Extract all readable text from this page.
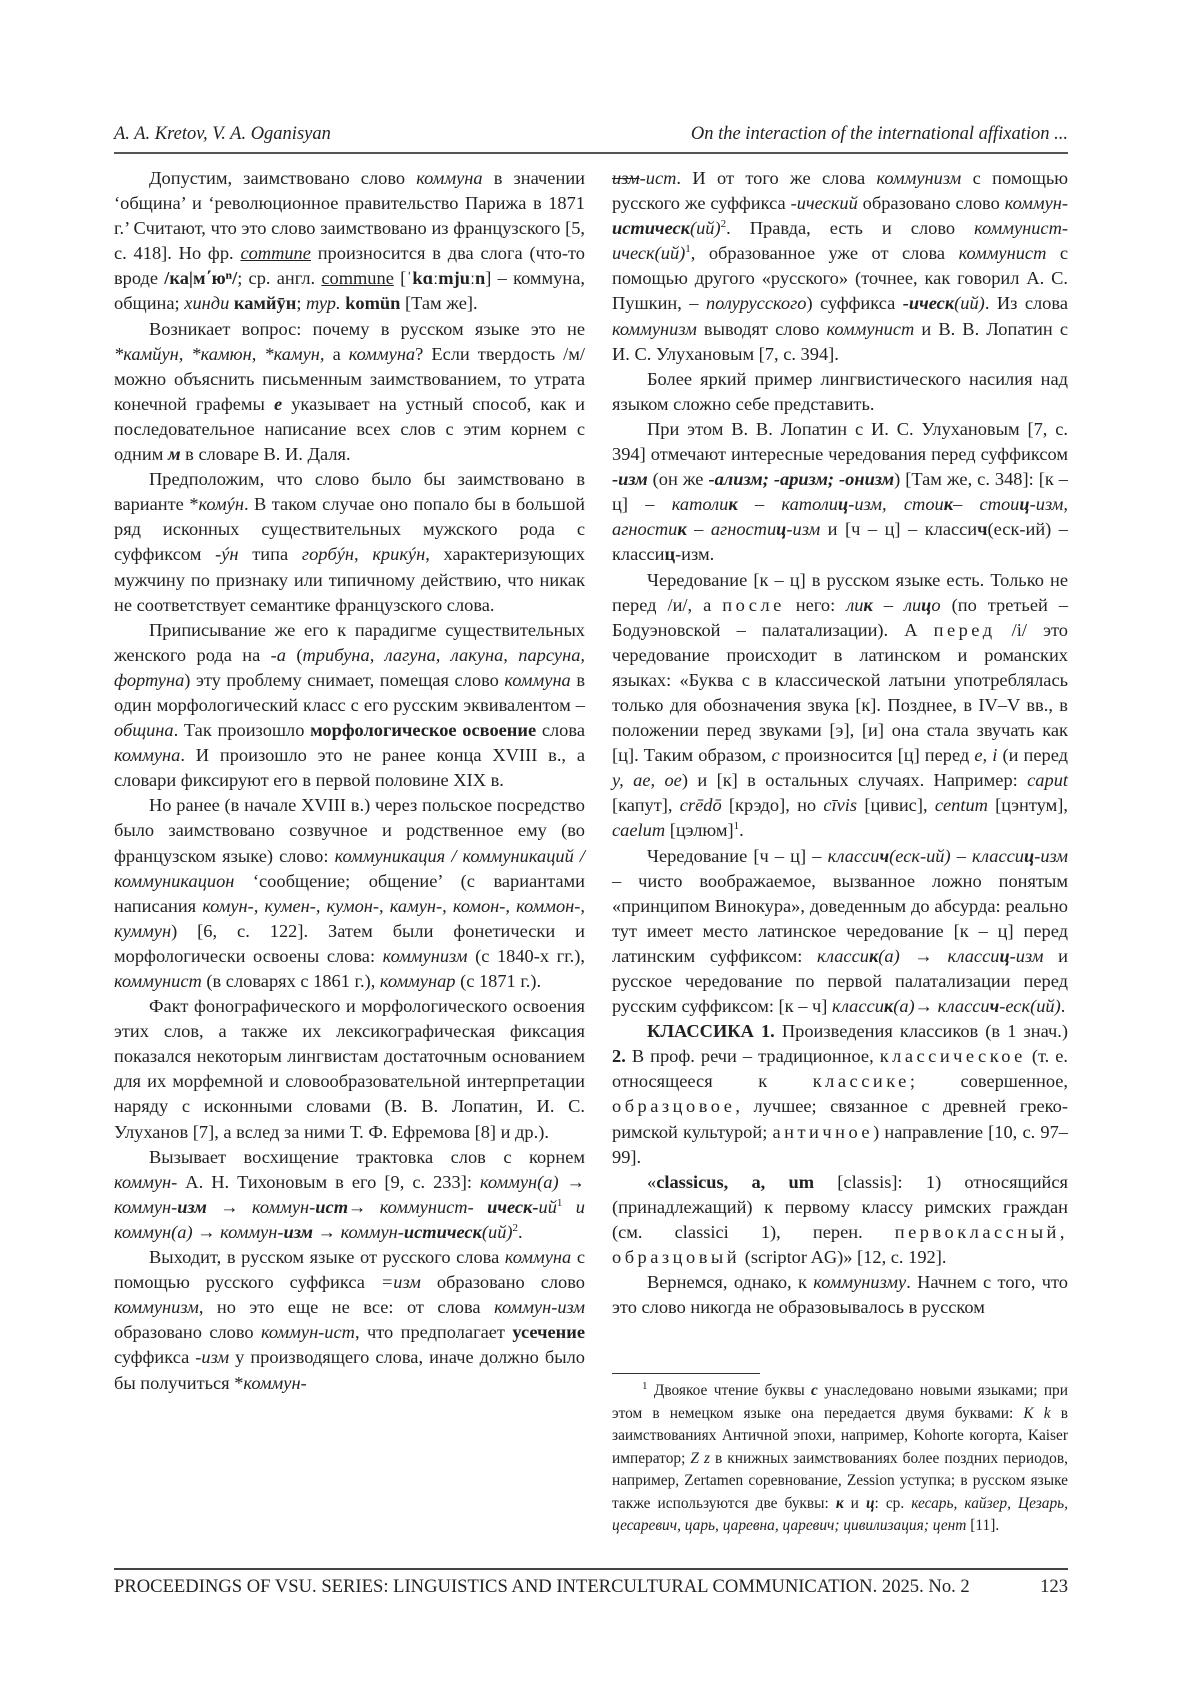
A. A. Kretov, V. A. Oganisyan	On the interaction of the international affixation ...

Допустим, заимствовано слово коммуна в значении ‘община’ и ‘революционное правительство Парижа в 1871 г.’ Считают, что это слово заимствовано из французского [5, с. 418]. Но фр. commune произносится в два слога (что-то вроде /ка|м΄юⁿ/; ср. англ. commune [ˈkɑːmjuːn] – коммуна, община; хинди камйӯн; тур. komün [Там же].

Возникает вопрос: почему в русском языке это не *камйун, *камюн, *камун, а коммуна? Если твердость /м/ можно объяснить письменным заимствованием, то утрата конечной графемы е указывает на устный способ, как и последовательное написание всех слов с этим корнем с одним м в словаре В. И. Даля.

Предположим, что слово было бы заимствовано в варианте *комýн. В таком случае оно попало бы в большой ряд исконных существительных мужского рода с суффиксом -ýн типа горбýн, крикýн, характеризующих мужчину по признаку или типичному действию, что никак не соответствует семантике французского слова.

Приписывание же его к парадигме существительных женского рода на -а (трибуна, лагуна, лакуна, парсуна, фортуна) эту проблему снимает, помещая слово коммуна в один морфологический класс с его русским эквивалентом – община. Так произошло морфологическое освоение слова коммуна. И произошло это не ранее конца XVIII в., а словари фиксируют его в первой половине XIX в.

Но ранее (в начале XVIII в.) через польское посредство было заимствовано созвучное и родственное ему (во французском языке) слово: коммуникация / коммуникаций / коммуникацион ‘сообщение; общение’ (с вариантами написания комун-, кумен-, кумон-, камун-, комон-, коммон-, куммун) [6, с. 122]. Затем были фонетически и морфологически освоены слова: коммунизм (с 1840-х гг.), коммунист (в словарях с 1861 г.), коммунар (с 1871 г.).

Факт фонографического и морфологического освоения этих слов, а также их лексикографическая фиксация показался некоторым лингвистам достаточным основанием для их морфемной и словообразовательной интерпретации наряду с исконными словами (В. В. Лопатин, И. С. Улуханов [7], а вслед за ними Т. Ф. Ефремова [8] и др.).

Вызывает восхищение трактовка слов с корнем коммун- А. Н. Тихоновым в его [9, с. 233]: коммун(а) → коммун-изм → коммун-ист→ коммунист- ическ-ий1 и коммун(а) → коммун-изм → коммун-истическ(ий)2.

Выходит, в русском языке от русского слова коммуна с помощью русского суффикса =изм образовано слово коммунизм, но это еще не все: от слова коммун-изм образовано слово коммун-ист, что предполагает усечение суффикса -изм у производящего слова, иначе должно было бы получиться *коммун-

изм-ист. И от того же слова коммунизм с помощью русского же суффикса -ический образовано слово коммун-истическ(ий)2. Правда, есть и слово коммунист-ическ(ий)1, образованное уже от слова коммунист с помощью другого «русского» (точнее, как говорил А. С. Пушкин, – полурусского) суффикса -ическ(ий). Из слова коммунизм выводят слово коммунист и В. В. Лопатин с И. С. Улухановым [7, с. 394].

Более яркий пример лингвистического насилия над языком сложно себе представить.

При этом В. В. Лопатин с И. С. Улухановым [7, с. 394] отмечают интересные чередования перед суффиксом -изм (он же -ализм; -аризм; -онизм) [Там же, с. 348]: [к – ц] – католик – католиц-изм, стоик– стоиц-изм, агностик – агностиц-изм и [ч – ц] – классич(еск-ий) – классиц-изм.

Чередование [к – ц] в русском языке есть. Только не перед /и/, а после него: лик – лицо (по третьей – Бодуэновской – палатализации). А перед /i/ это чередование происходит в латинском и романских языках: «Буква с в классической латыни употреблялась только для обозначения звука [к]. Позднее, в IV–V вв., в положении перед звуками [э], [и] она стала звучать как [ц]. Таким образом, c произносится [ц] перед e, i (и перед y, ae, oe) и [к] в остальных случаях. Например: caput [капут], crēdō [крэдо], но cīvis [цивис], centum [цэнтум], caelum [цэлюм]1.

Чередование [ч – ц] – классич(еск-ий) – классиц-изм – чисто воображаемое, вызванное ложно понятым «принципом Винокура», доведенным до абсурда: реально тут имеет место латинское чередование [к – ц] перед латинским суффиксом: классик(а) → классиц-изм и русское чередование по первой палатализации перед русским суффиксом: [к – ч] классик(а)→ классич-еск(ий).

КЛАССИКА 1. Произведения классиков (в 1 знач.) 2. В проф. речи – традиционное, классическое (т. е. относящееся к классике; совершенное, образцовое, лучшее; связанное с древней греко-римской культурой; античное) направление [10, с. 97–99].

«classicus, a, um [classis]: 1) относящийся (принадлежащий) к первому классу римских граждан (см. classici 1), перен. первоклассный, образцовый (scriptor AG)» [12, с. 192].

Вернемся, однако, к коммунизму. Начнем с того, что это слово никогда не образовывалось в русском

1 Двоякое чтение буквы c унаследовано новыми языками; при этом в немецком языке она передается двумя буквами: K k в заимствованиях Античной эпохи, например, Kohorte когорта, Kaiser император; Z z в книжных заимствованиях более поздних периодов, например, Zertamen соревнование, Zession уступка; в русском языке также используются две буквы: к и ц: ср. кесарь, кайзер, Цезарь, цесаревич, царь, царевна, царевич; цивилизация; цент [11].

PROCEEDINGS OF VSU. SERIES: LINGUISTICS AND INTERCULTURAL COMMUNICATION. 2025. No. 2	123
